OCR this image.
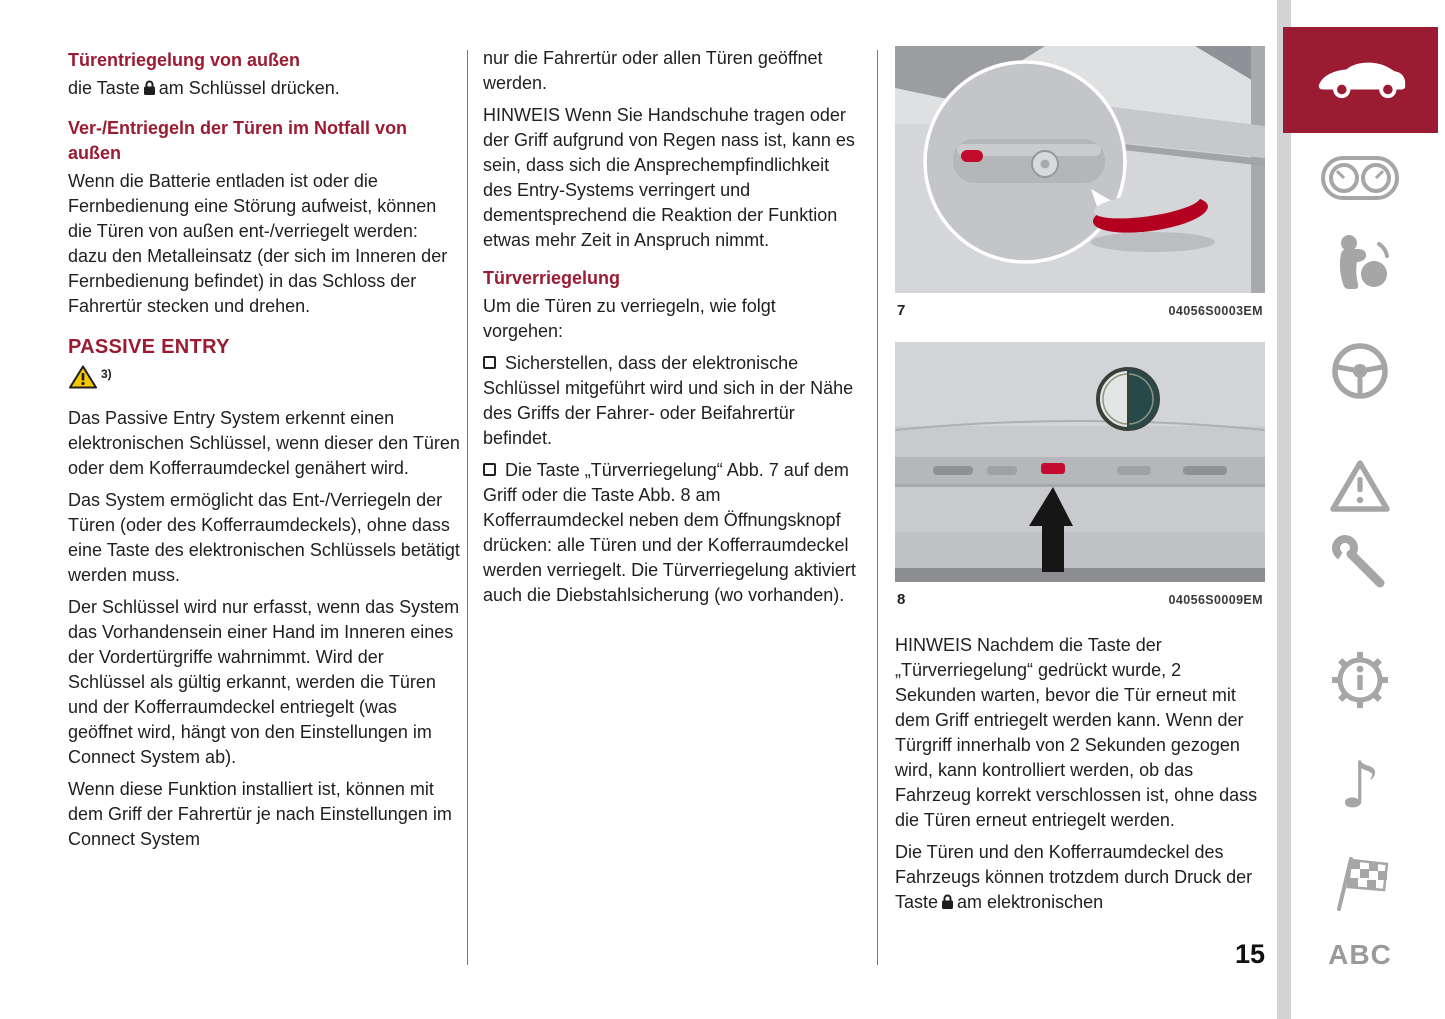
Türentriegelung von außen

die Taste am Schlüssel drücken.

Ver-/Entriegeln der Türen im Notfall von außen

Wenn die Batterie entladen ist oder die Fernbedienung eine Störung aufweist, können die Türen von außen ent-/verriegelt werden: dazu den Metalleinsatz (der sich im Inneren der Fernbedienung befindet) in das Schloss der Fahrertür stecken und drehen.

PASSIVE ENTRY
3)

Das Passive Entry System erkennt einen elektronischen Schlüssel, wenn dieser den Türen oder dem Kofferraumdeckel genähert wird.

Das System ermöglicht das Ent-/Verriegeln der Türen (oder des Kofferraumdeckels), ohne dass eine Taste des elektronischen Schlüssels betätigt werden muss.

Der Schlüssel wird nur erfasst, wenn das System das Vorhandensein einer Hand im Inneren eines der Vordertürgriffe wahrnimmt. Wird der Schlüssel als gültig erkannt, werden die Türen und der Kofferraumdeckel entriegelt (was geöffnet wird, hängt von den Einstellungen im Connect System ab).

Wenn diese Funktion installiert ist, können mit dem Griff der Fahrertür je nach Einstellungen im Connect System

nur die Fahrertür oder allen Türen geöffnet werden.

HINWEIS Wenn Sie Handschuhe tragen oder der Griff aufgrund von Regen nass ist, kann es sein, dass sich die Ansprechempfindlichkeit des Entry-Systems verringert und dementsprechend die Reaktion der Funktion etwas mehr Zeit in Anspruch nimmt.

Türverriegelung

Um die Türen zu verriegeln, wie folgt vorgehen:

Sicherstellen, dass der elektronische Schlüssel mitgeführt wird und sich in der Nähe des Griffs der Fahrer- oder Beifahrertür befindet.

Die Taste „Türverriegelung“ Abb. 7 auf dem Griff oder die Taste Abb. 8 am Kofferraumdeckel neben dem Öffnungsknopf drücken: alle Türen und der Kofferraumdeckel werden verriegelt. Die Türverriegelung aktiviert auch die Diebstahlsicherung (wo vorhanden).

7	04056S0003EM
8	04056S0009EM

HINWEIS Nachdem die Taste der „Türverriegelung“ gedrückt wurde, 2 Sekunden warten, bevor die Tür erneut mit dem Griff entriegelt werden kann. Wenn der Türgriff innerhalb von 2 Sekunden gezogen wird, kann kontrolliert werden, ob das Fahrzeug korrekt verschlossen ist, ohne dass die Türen erneut entriegelt werden.

Die Türen und den Kofferraumdeckel des Fahrzeugs können trotzdem durch Druck der Taste am elektronischen

15
♪
ABC
